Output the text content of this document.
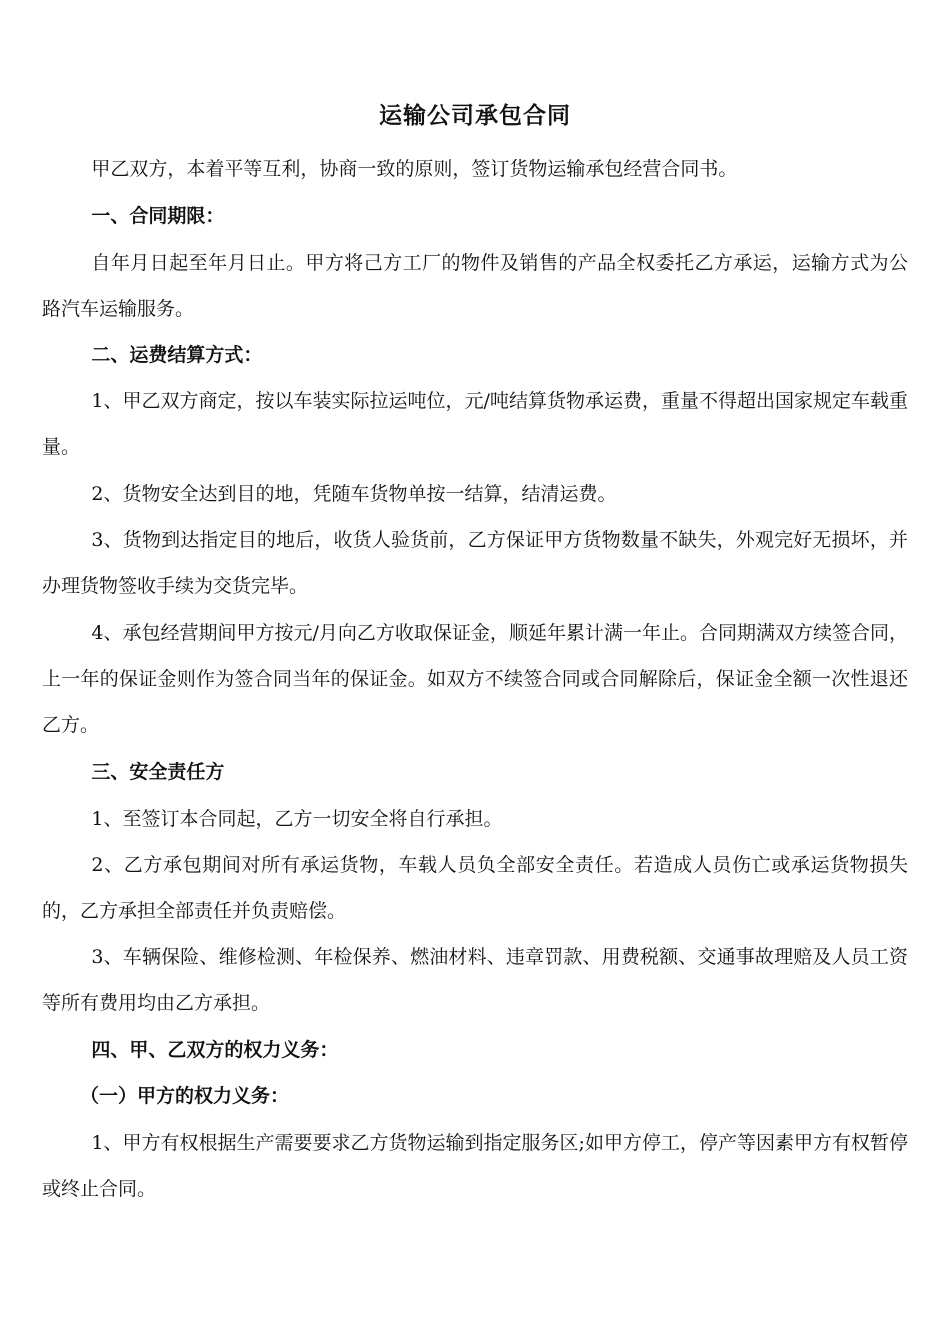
运输公司承包合同

甲乙双方，本着平等互利，协商一致的原则，签订货物运输承包经营合同书。

一、合同期限：

自年月日起至年月日止。甲方将己方工厂的物件及销售的产品全权委托乙方承运，运输方式为公路汽车运输服务。

二、运费结算方式：

1、甲乙双方商定，按以车装实际拉运吨位，元/吨结算货物承运费，重量不得超出国家规定车载重量。

2、货物安全达到目的地，凭随车货物单按一结算，结清运费。

3、货物到达指定目的地后，收货人验货前，乙方保证甲方货物数量不缺失，外观完好无损坏，并办理货物签收手续为交货完毕。

4、承包经营期间甲方按元/月向乙方收取保证金，顺延年累计满一年止。合同期满双方续签合同，上一年的保证金则作为签合同当年的保证金。如双方不续签合同或合同解除后，保证金全额一次性退还乙方。

三、安全责任方

1、至签订本合同起，乙方一切安全将自行承担。

2、乙方承包期间对所有承运货物，车载人员负全部安全责任。若造成人员伤亡或承运货物损失的，乙方承担全部责任并负责赔偿。

3、车辆保险、维修检测、年检保养、燃油材料、违章罚款、用费税额、交通事故理赔及人员工资等所有费用均由乙方承担。

四、甲、乙双方的权力义务：

（一）甲方的权力义务：

1、甲方有权根据生产需要要求乙方货物运输到指定服务区;如甲方停工，停产等因素甲方有权暂停或终止合同。
